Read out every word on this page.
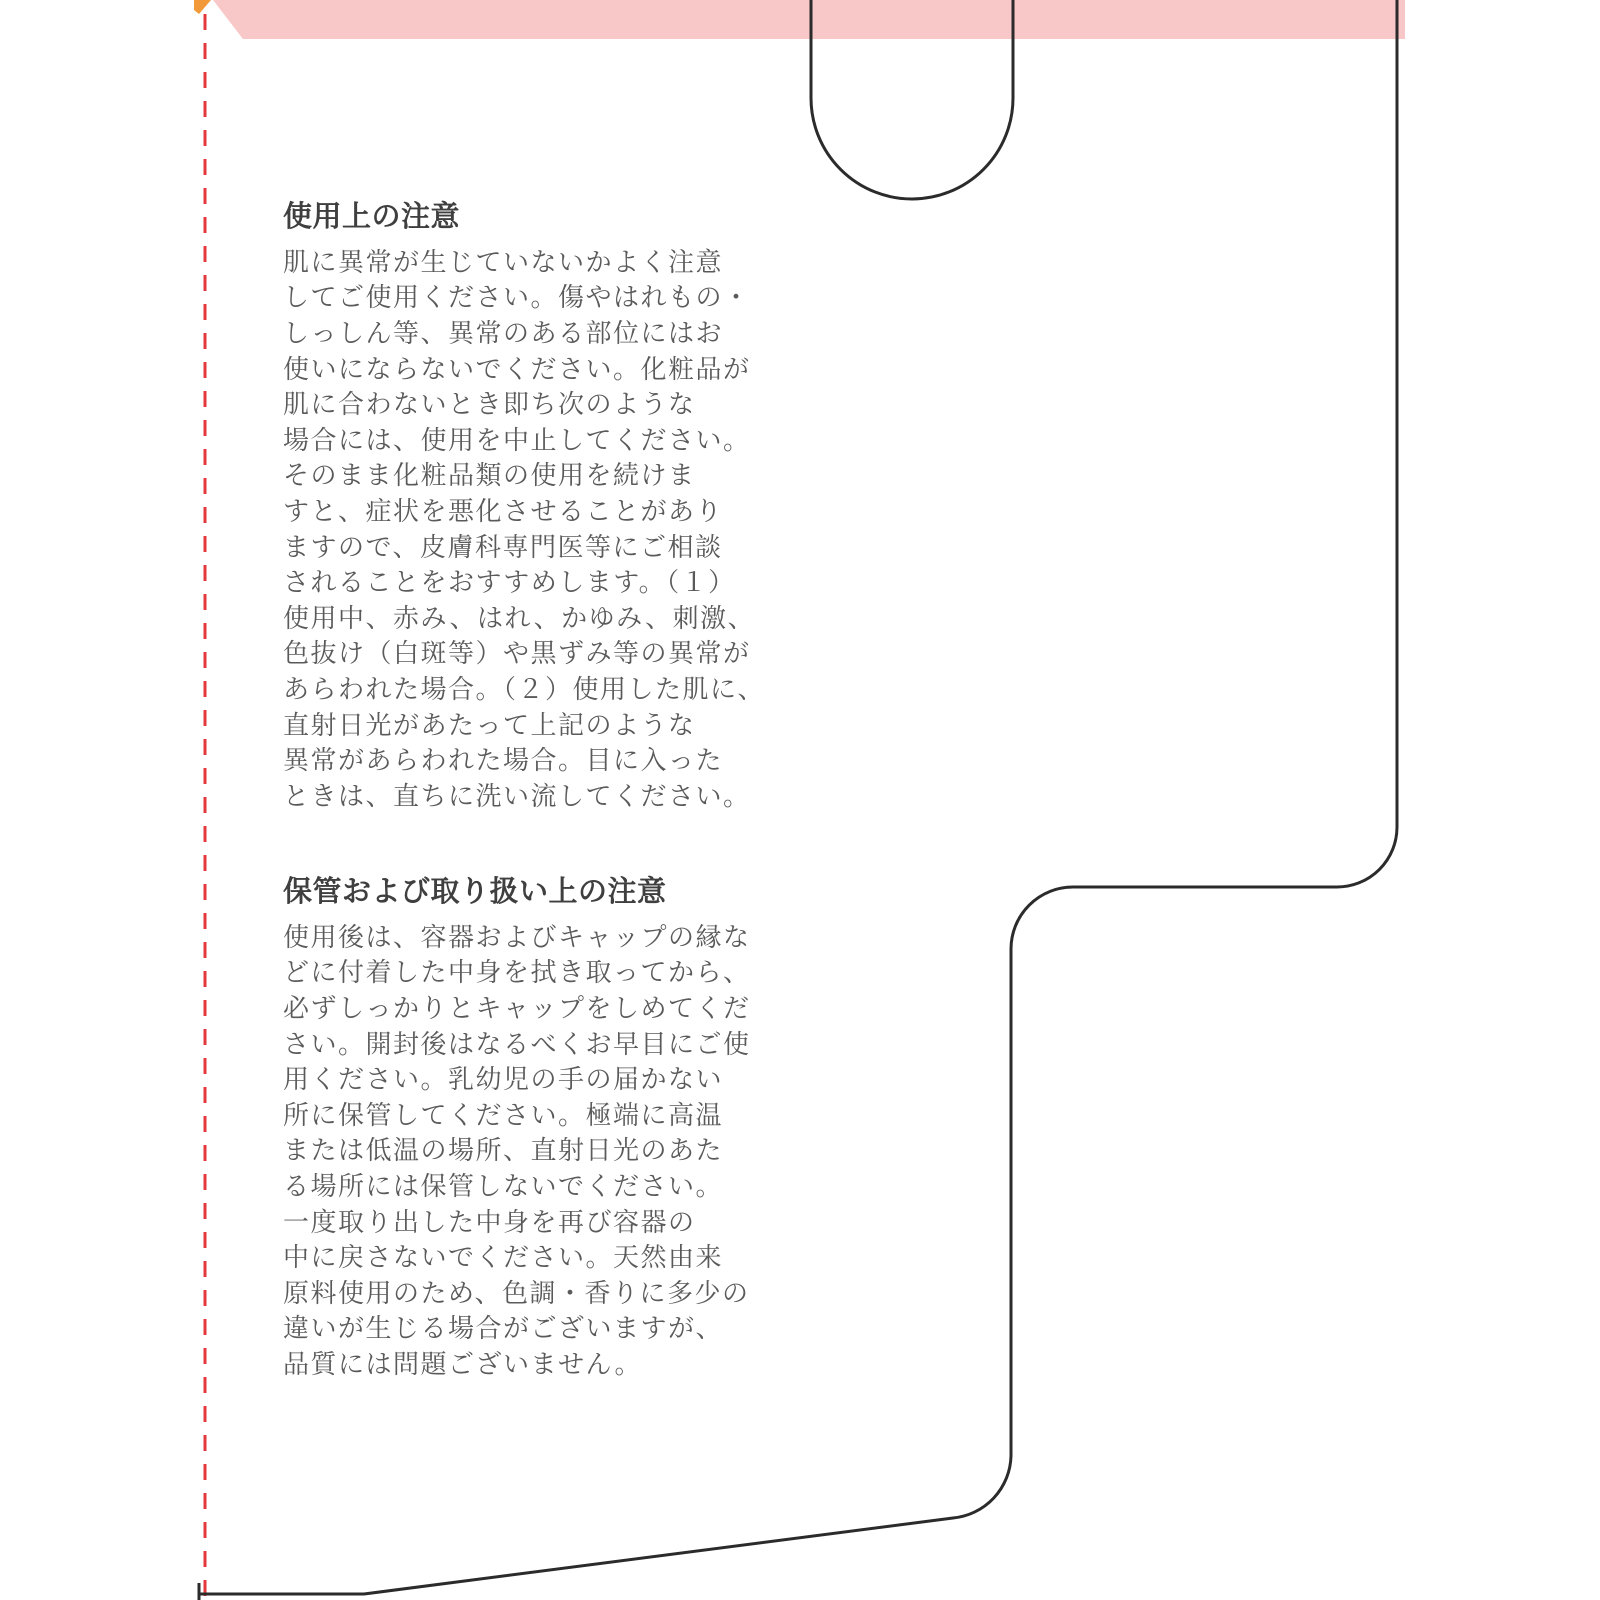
使用上の注意

肌に異常が生じていないかよく注意
してご使用ください。傷やはれもの・
しっしん等、異常のある部位にはお
使いにならないでください。化粧品が
肌に合わないとき即ち次のような
場合には、使用を中止してください。
そのまま化粧品類の使用を続けま
すと、症状を悪化させることがあり
ますので、皮膚科専門医等にご相談
されることをおすすめします。（１）
使用中、赤み、はれ、かゆみ、刺激、
色抜け（白斑等）や黒ずみ等の異常が
あらわれた場合。（２）使用した肌に、
直射日光があたって上記のような
異常があらわれた場合。目に入った
ときは、直ちに洗い流してください。

保管および取り扱い上の注意

使用後は、容器およびキャップの縁な
どに付着した中身を拭き取ってから、
必ずしっかりとキャップをしめてくだ
さい。開封後はなるべくお早目にご使
用ください。乳幼児の手の届かない
所に保管してください。極端に高温
または低温の場所、直射日光のあた
る場所には保管しないでください。
一度取り出した中身を再び容器の
中に戻さないでください。天然由来
原料使用のため、色調・香りに多少の
違いが生じる場合がございますが、
品質には問題ございません。
